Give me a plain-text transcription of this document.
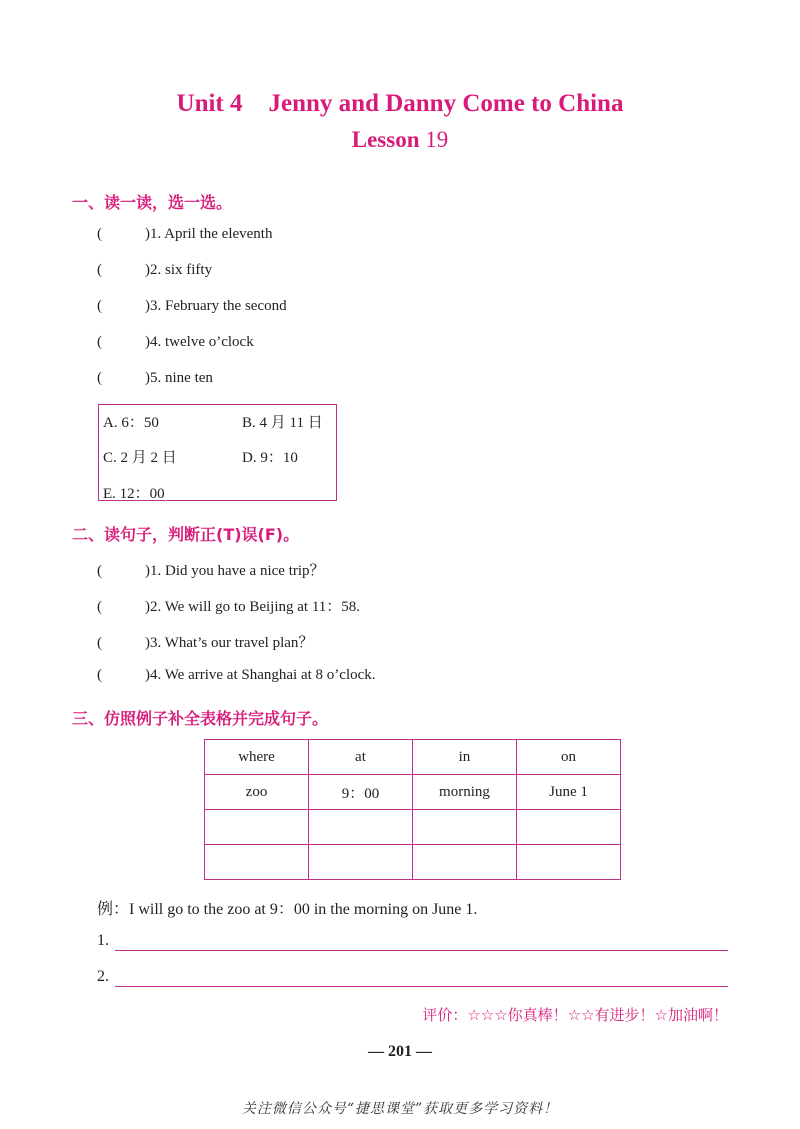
Unit 4 Jenny and Danny Come to China
Lesson 19
一、读一读，选一选。
(	)1. April the eleventh
(	)2. six fifty
(	)3. February the second
(	)4. twelve o’clock
(	)5. nine ten
A. 6：50	B. 4 月 11 日
C. 2 月 2 日	D. 9：10
E. 12：00
二、读句子，判断正(T)误(F)。
(	)1. Did you have a nice trip？
(	)2. We will go to Beijing at 11：58.
(	)3. What’s our travel plan？
(	)4. We arrive at Shanghai at 8 o’clock.
三、仿照例子补全表格并完成句子。
where	at	in	on
zoo	9：00	morning	June 1

例：I will go to the zoo at 9：00 in the morning on June 1.
1.
2.
评价：☆☆☆你真棒！☆☆有进步！☆加油啊！
— 201 —
关注微信公众号“捷思课堂”获取更多学习资料！
